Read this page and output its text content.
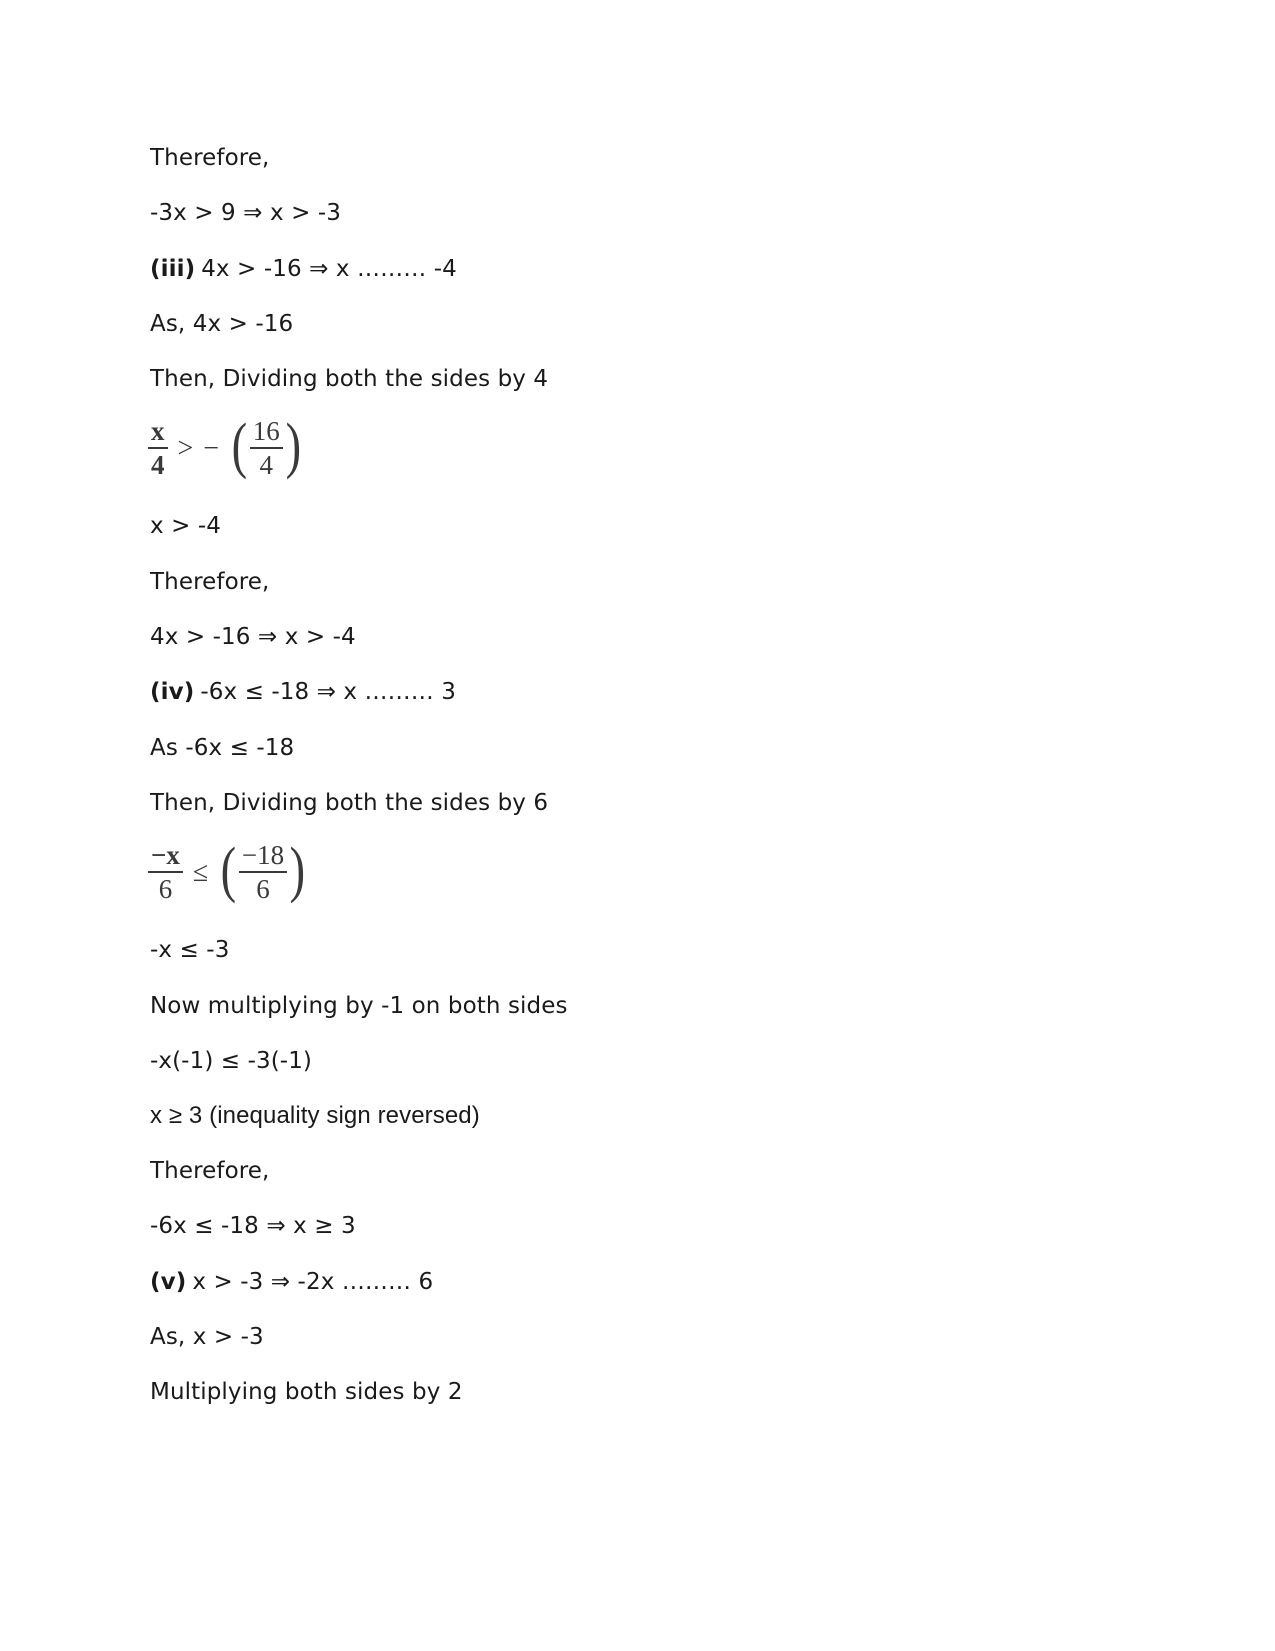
Therefore,
-3x > 9 ⇒ x > -3
(iii) 4x > -16 ⇒ x ……… -4
As, 4x > -16
Then, Dividing both the sides by 4
$\frac{x}{4}$ > − ( $\frac{16}{4}$ )
x > -4
Therefore,
4x > -16 ⇒ x > -4
(iv) -6x ≤ -18 ⇒ x ……… 3
As -6x ≤ -18
Then, Dividing both the sides by 6
$\frac{-x}{6}$ ≤ ( $\frac{-18}{6}$ )
-x ≤ -3
Now multiplying by -1 on both sides
-x(-1) ≤ -3(-1)
x ≥ 3 (inequality sign reversed)
Therefore,
-6x ≤ -18 ⇒ x ≥ 3
(v) x > -3 ⇒ -2x ……… 6
As, x > -3
Multiplying both sides by 2
